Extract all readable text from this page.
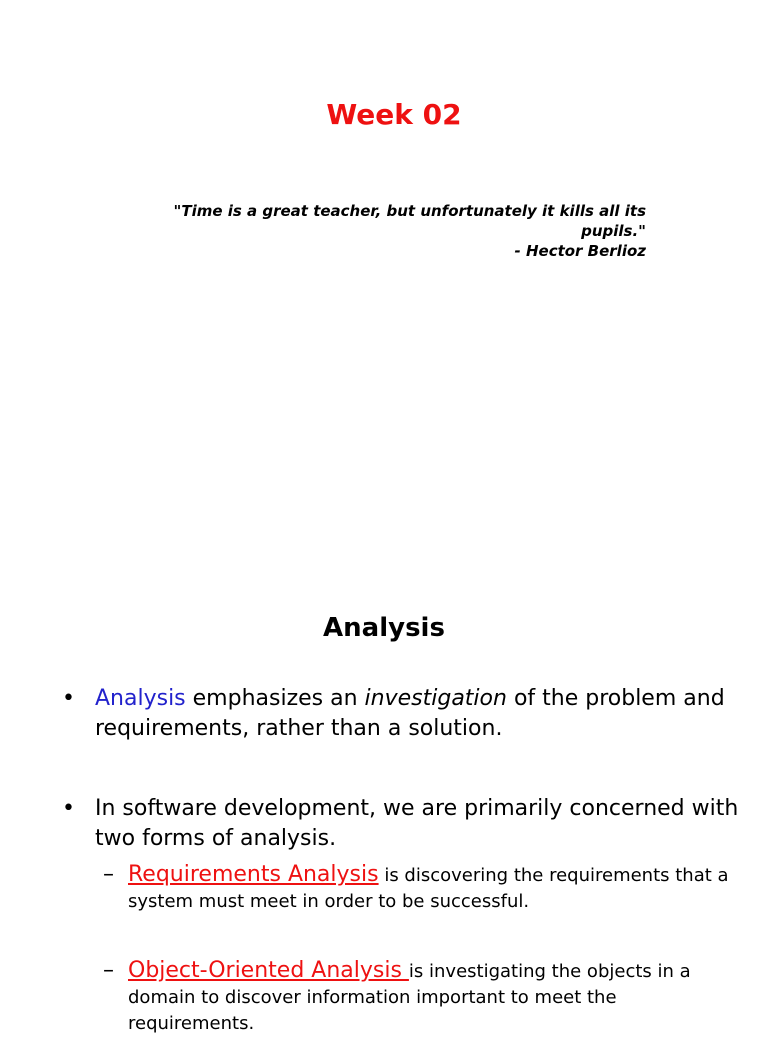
Week 02

"Time is a great teacher, but unfortunately it kills all its
pupils."
- Hector Berlioz

Analysis
• Analysis emphasizes an investigation of the problem and requirements, rather than a solution.
• In software development, we are primarily concerned with two forms of analysis.
– Requirements Analysis is discovering the requirements that a system must meet in order to be successful.
– Object-Oriented Analysis is investigating the objects in a domain to discover information important to meet the requirements.
